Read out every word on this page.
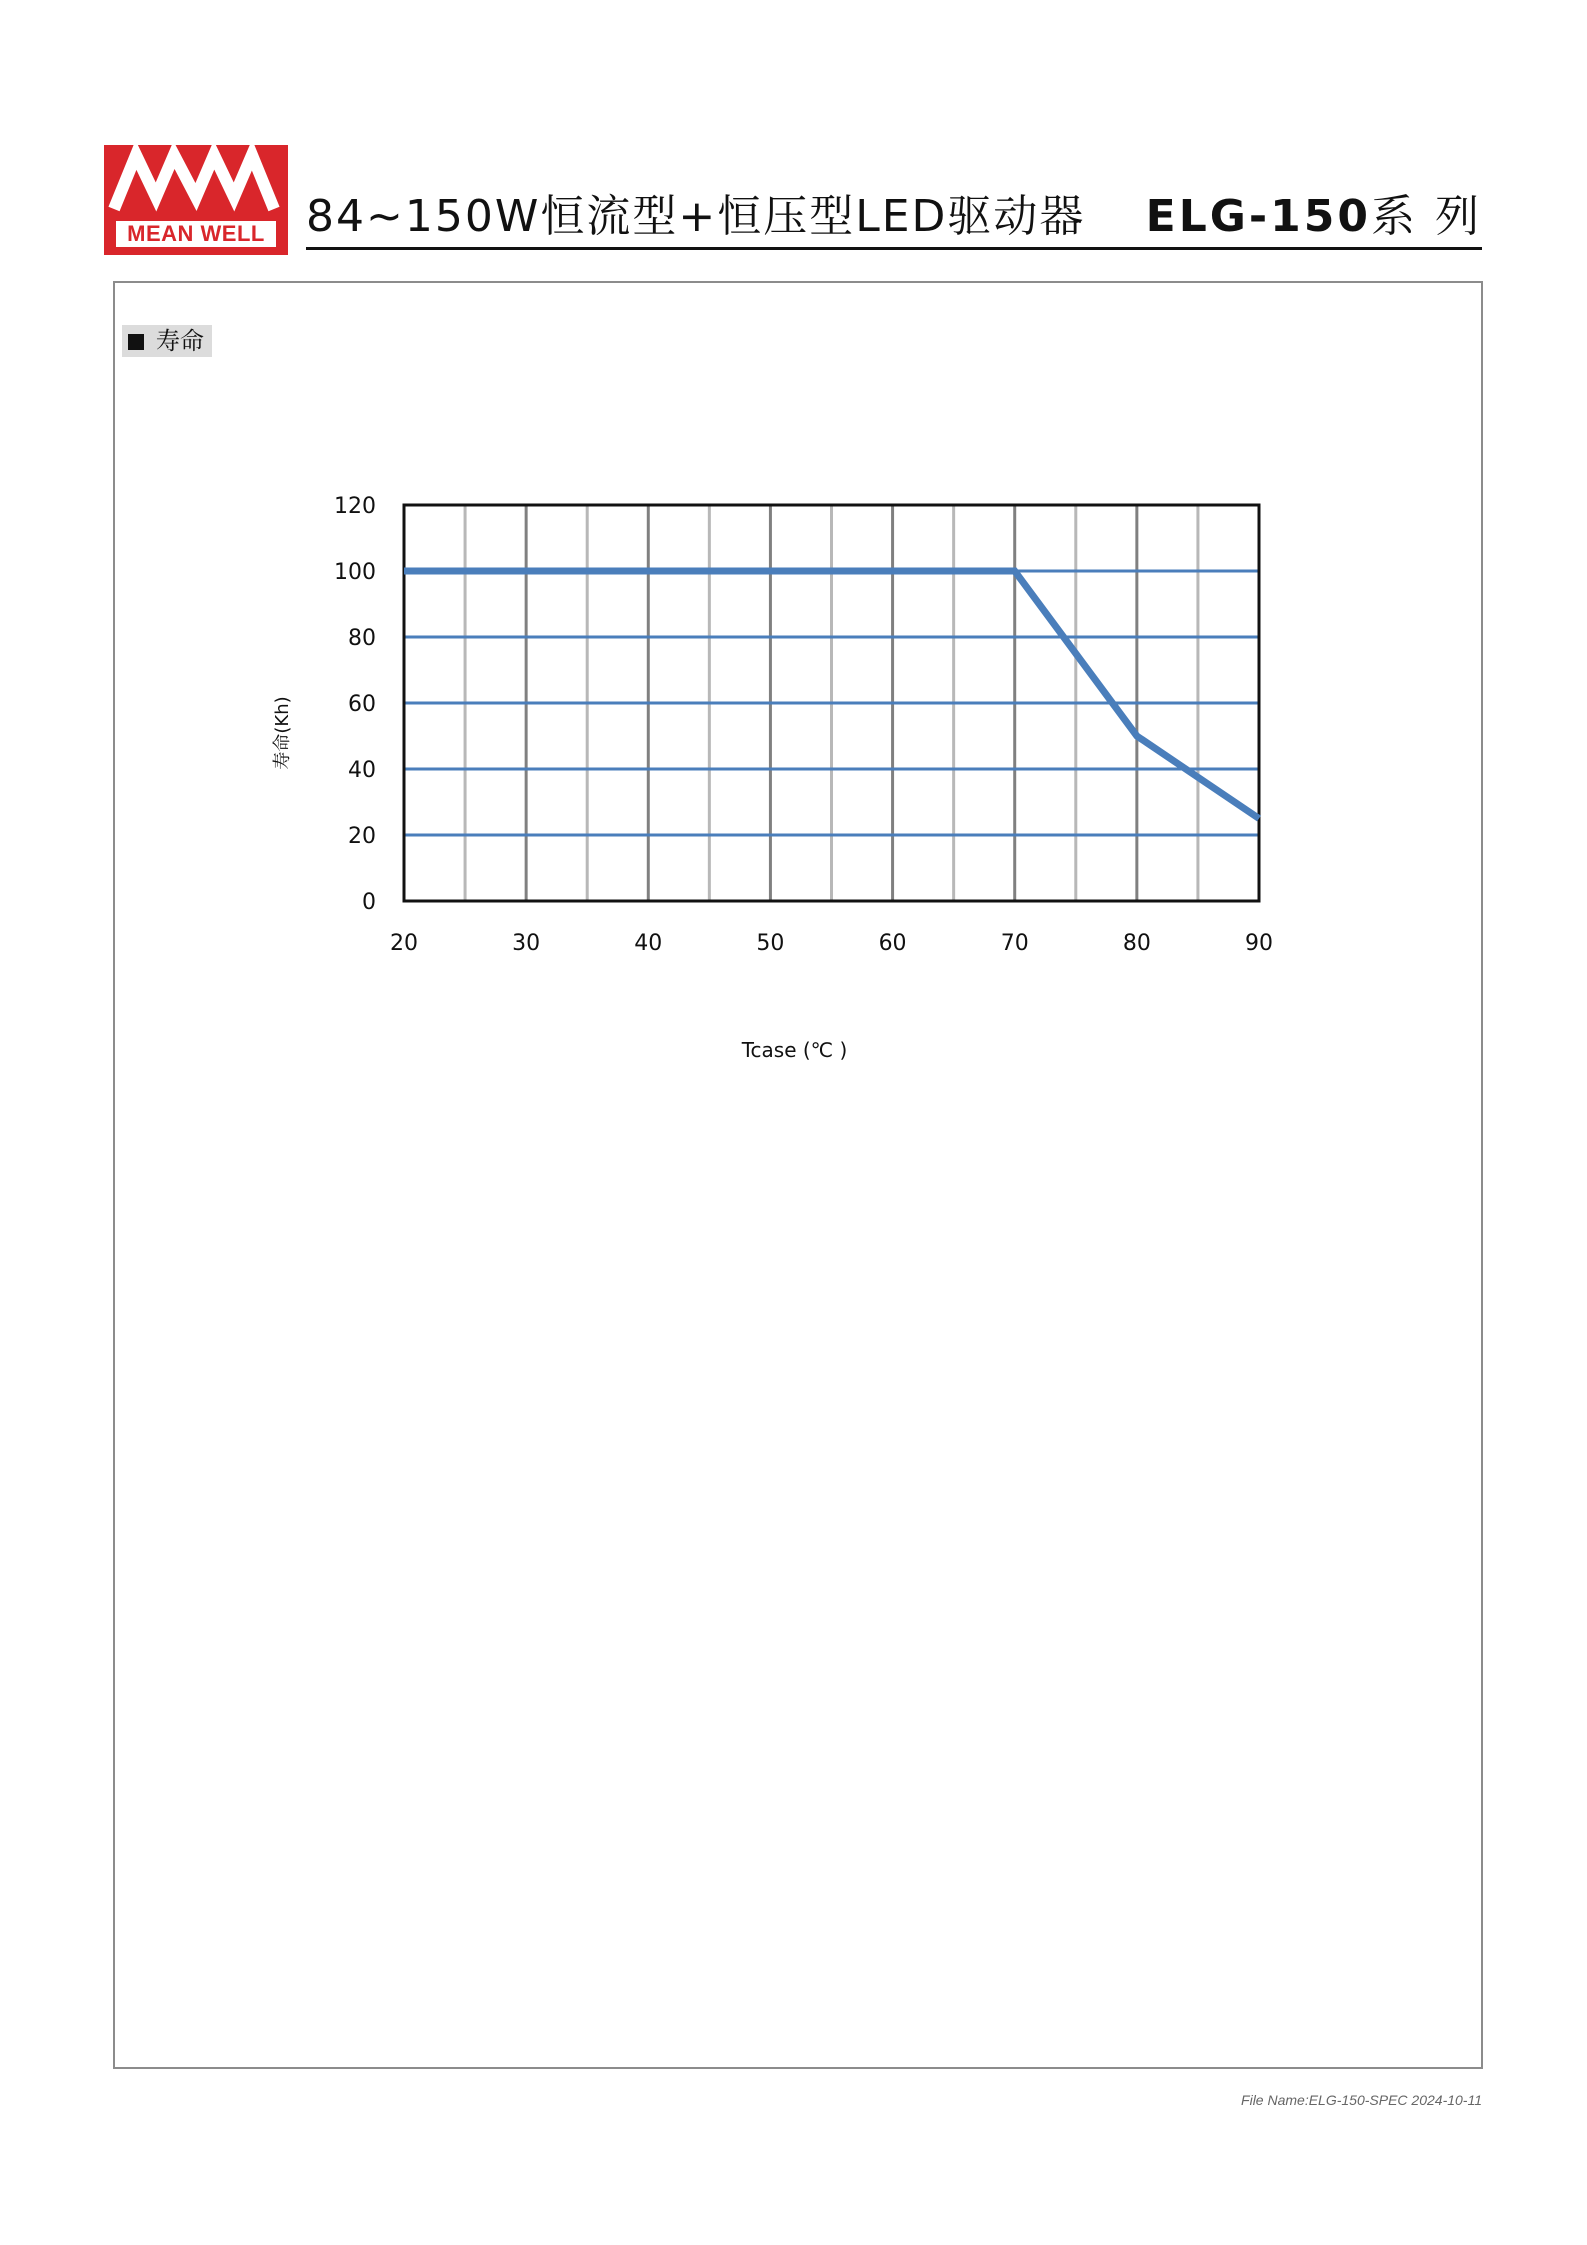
MEAN WELL 84~150W恒流型+恒压型LED驱动器 ELG-150系 列
寿命
0
20
40
60
80
100
120
20	30	40	50	60	70	80	90
寿命(Kh)
Tcase (℃ )
File Name:ELG-150-SPEC 2024-10-11
